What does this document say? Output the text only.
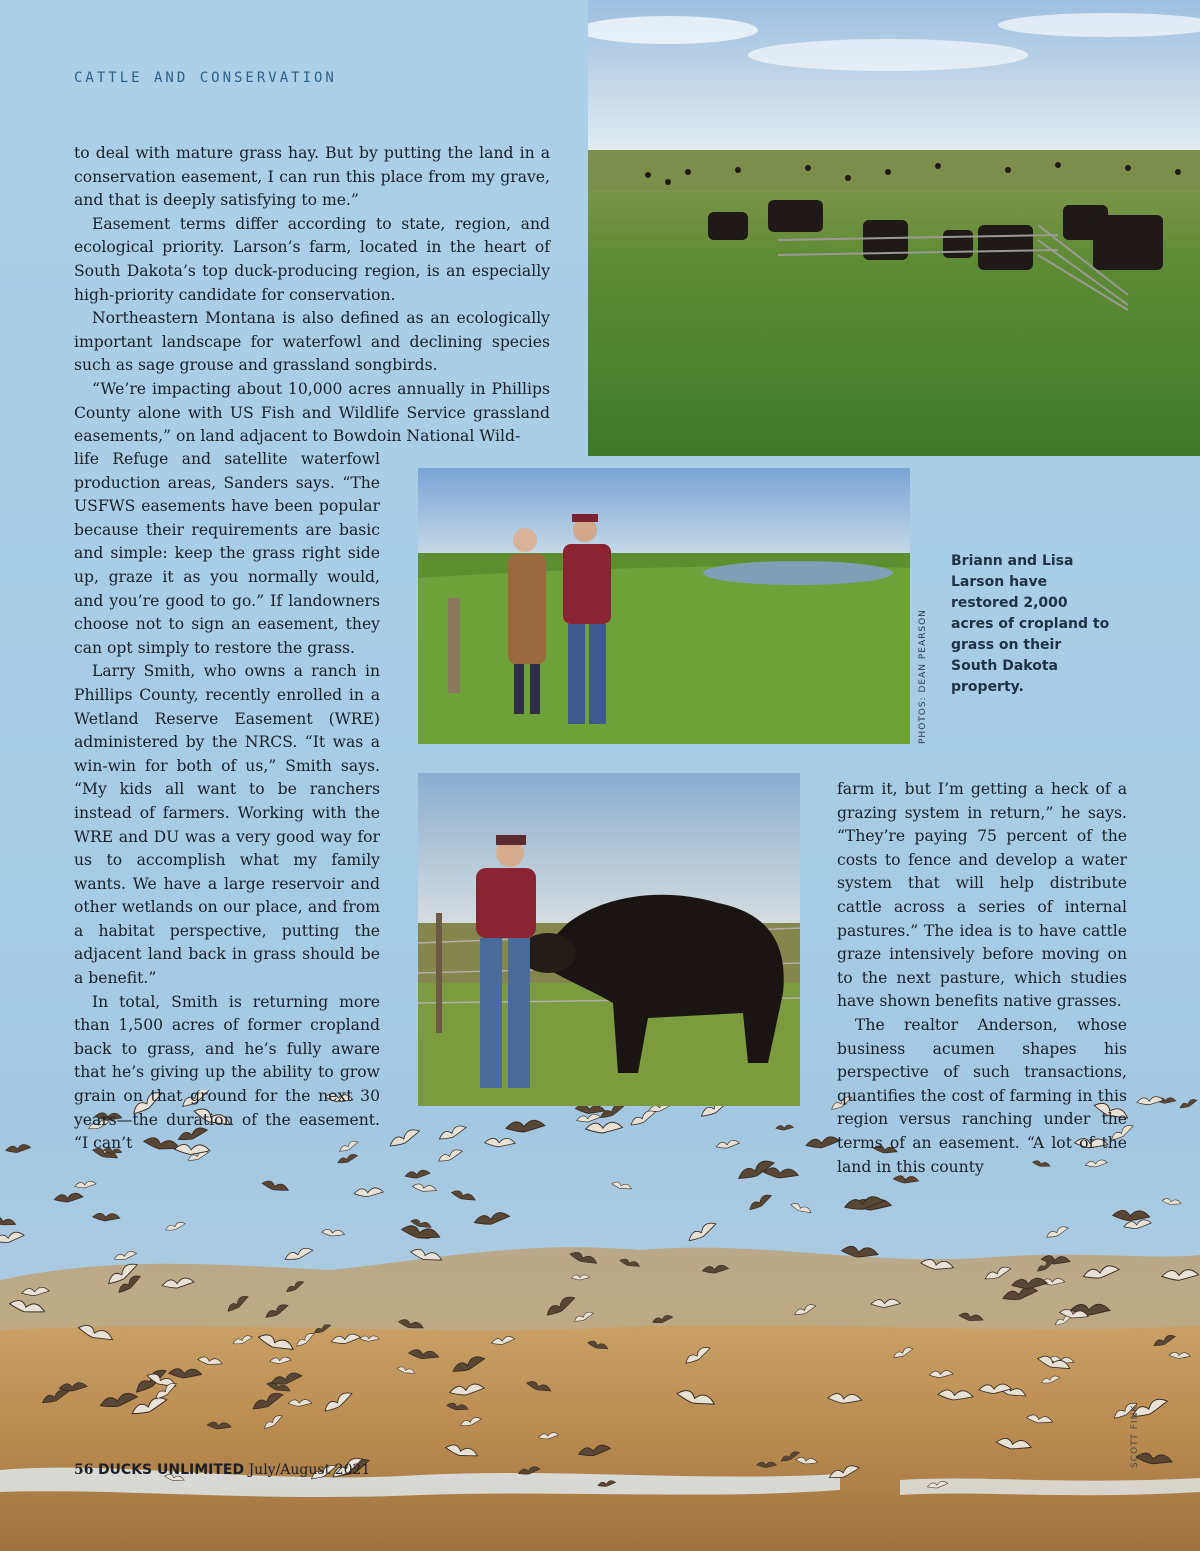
CATTLE AND CONSERVATION

to deal with mature grass hay. But by putting the land in a conservation easement, I can run this place from my grave, and that is deeply satisfying to me.”

Easement terms differ according to state, region, and ecological priority. Larson’s farm, located in the heart of South Dakota’s top duck-producing region, is an especially high-priority candidate for conservation.

Northeastern Montana is also defined as an ecologically important landscape for waterfowl and declining species such as sage grouse and grassland songbirds.

“We’re impacting about 10,000 acres annually in Phillips County alone with US Fish and Wildlife Service grassland easements,” on land adjacent to Bowdoin National Wild-

life Refuge and satellite waterfowl production areas, Sanders says. “The USFWS easements have been popular because their requirements are basic and simple: keep the grass right side up, graze it as you normally would, and you’re good to go.” If landowners choose not to sign an easement, they can opt simply to restore the grass.

Larry Smith, who owns a ranch in Phillips County, recently enrolled in a Wetland Reserve Easement (WRE) administered by the NRCS. “It was a win-win for both of us,” Smith says. “My kids all want to be ranchers instead of farmers. Working with the WRE and DU was a very good way for us to accomplish what my family wants. We have a large reservoir and other wetlands on our place, and from a habitat perspective, putting the adjacent land back in grass should be a benefit.”

In total, Smith is returning more than 1,500 acres of former cropland back to grass, and he’s fully aware that he’s giving up the ability to grow grain on that ground for the next 30 years—the duration of the easement. “I can’t

PHOTOS: DEAN PEARSON
Briann and Lisa Larson have restored 2,000 acres of cropland to grass on their South Dakota property.

farm it, but I’m getting a heck of a grazing system in return,” he says. “They’re paying 75 percent of the costs to fence and develop a water system that will help distribute cattle across a series of internal pastures.” The idea is to have cattle graze intensively before moving on to the next pasture, which studies have shown benefits native grasses.

The realtor Anderson, whose business acumen shapes his perspective of such transactions, quantifies the cost of farming in this region versus ranching under the terms of an easement. “A lot of the land in this county

SCOTT FINK
56 DUCKS UNLIMITED July/August 2021
